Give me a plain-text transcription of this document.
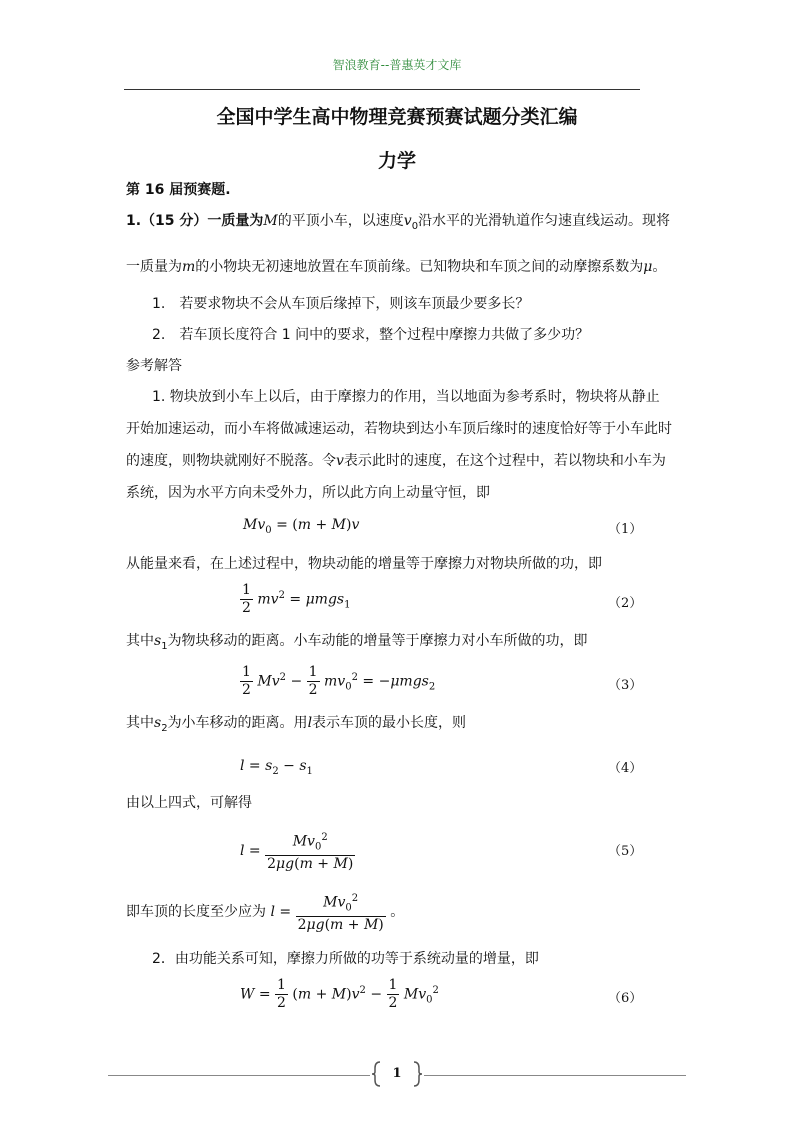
智浪教育--普惠英才文库
全国中学生高中物理竞赛预赛试题分类汇编
力学
第 16 届预赛题.
1.（15 分）一质量为M的平顶小车，以速度$v_0$沿水平的光滑轨道作匀速直线运动。现将
一质量为m的小物块无初速地放置在车顶前缘。已知物块和车顶之间的动摩擦系数为μ。
1.　若要求物块不会从车顶后缘掉下，则该车顶最少要多长？
2.　若车顶长度符合 1 问中的要求，整个过程中摩擦力共做了多少功？
参考解答
1. 物块放到小车上以后，由于摩擦力的作用，当以地面为参考系时，物块将从静止
开始加速运动，而小车将做减速运动，若物块到达小车顶后缘时的速度恰好等于小车此时
的速度，则物块就刚好不脱落。令v表示此时的速度，在这个过程中，若以物块和小车为
系统，因为水平方向未受外力，所以此方向上动量守恒，即
$Mv_0 = (m + M)v$	（1）
从能量来看，在上述过程中，物块动能的增量等于摩擦力对物块所做的功，即
$\frac{1}{2} mv^2 = \mu mgs_1$	（2）
其中$s_1$为物块移动的距离。小车动能的增量等于摩擦力对小车所做的功，即
$\frac{1}{2} Mv^2 - \frac{1}{2} mv_0^2 = -\mu mgs_2$	（3）
其中$s_2$为小车移动的距离。用l表示车顶的最小长度，则
$l = s_2 - s_1$	（4）
由以上四式，可解得
$l = \frac{Mv_0^2}{2\mu g(m + M)}$	（5）
即车顶的长度至少应为 $l = \frac{Mv_0^2}{2\mu g(m + M)}$ 。
2．由功能关系可知，摩擦力所做的功等于系统动量的增量，即
$W = \frac{1}{2} (m + M)v^2 - \frac{1}{2} Mv_0^2$
（6）
1
